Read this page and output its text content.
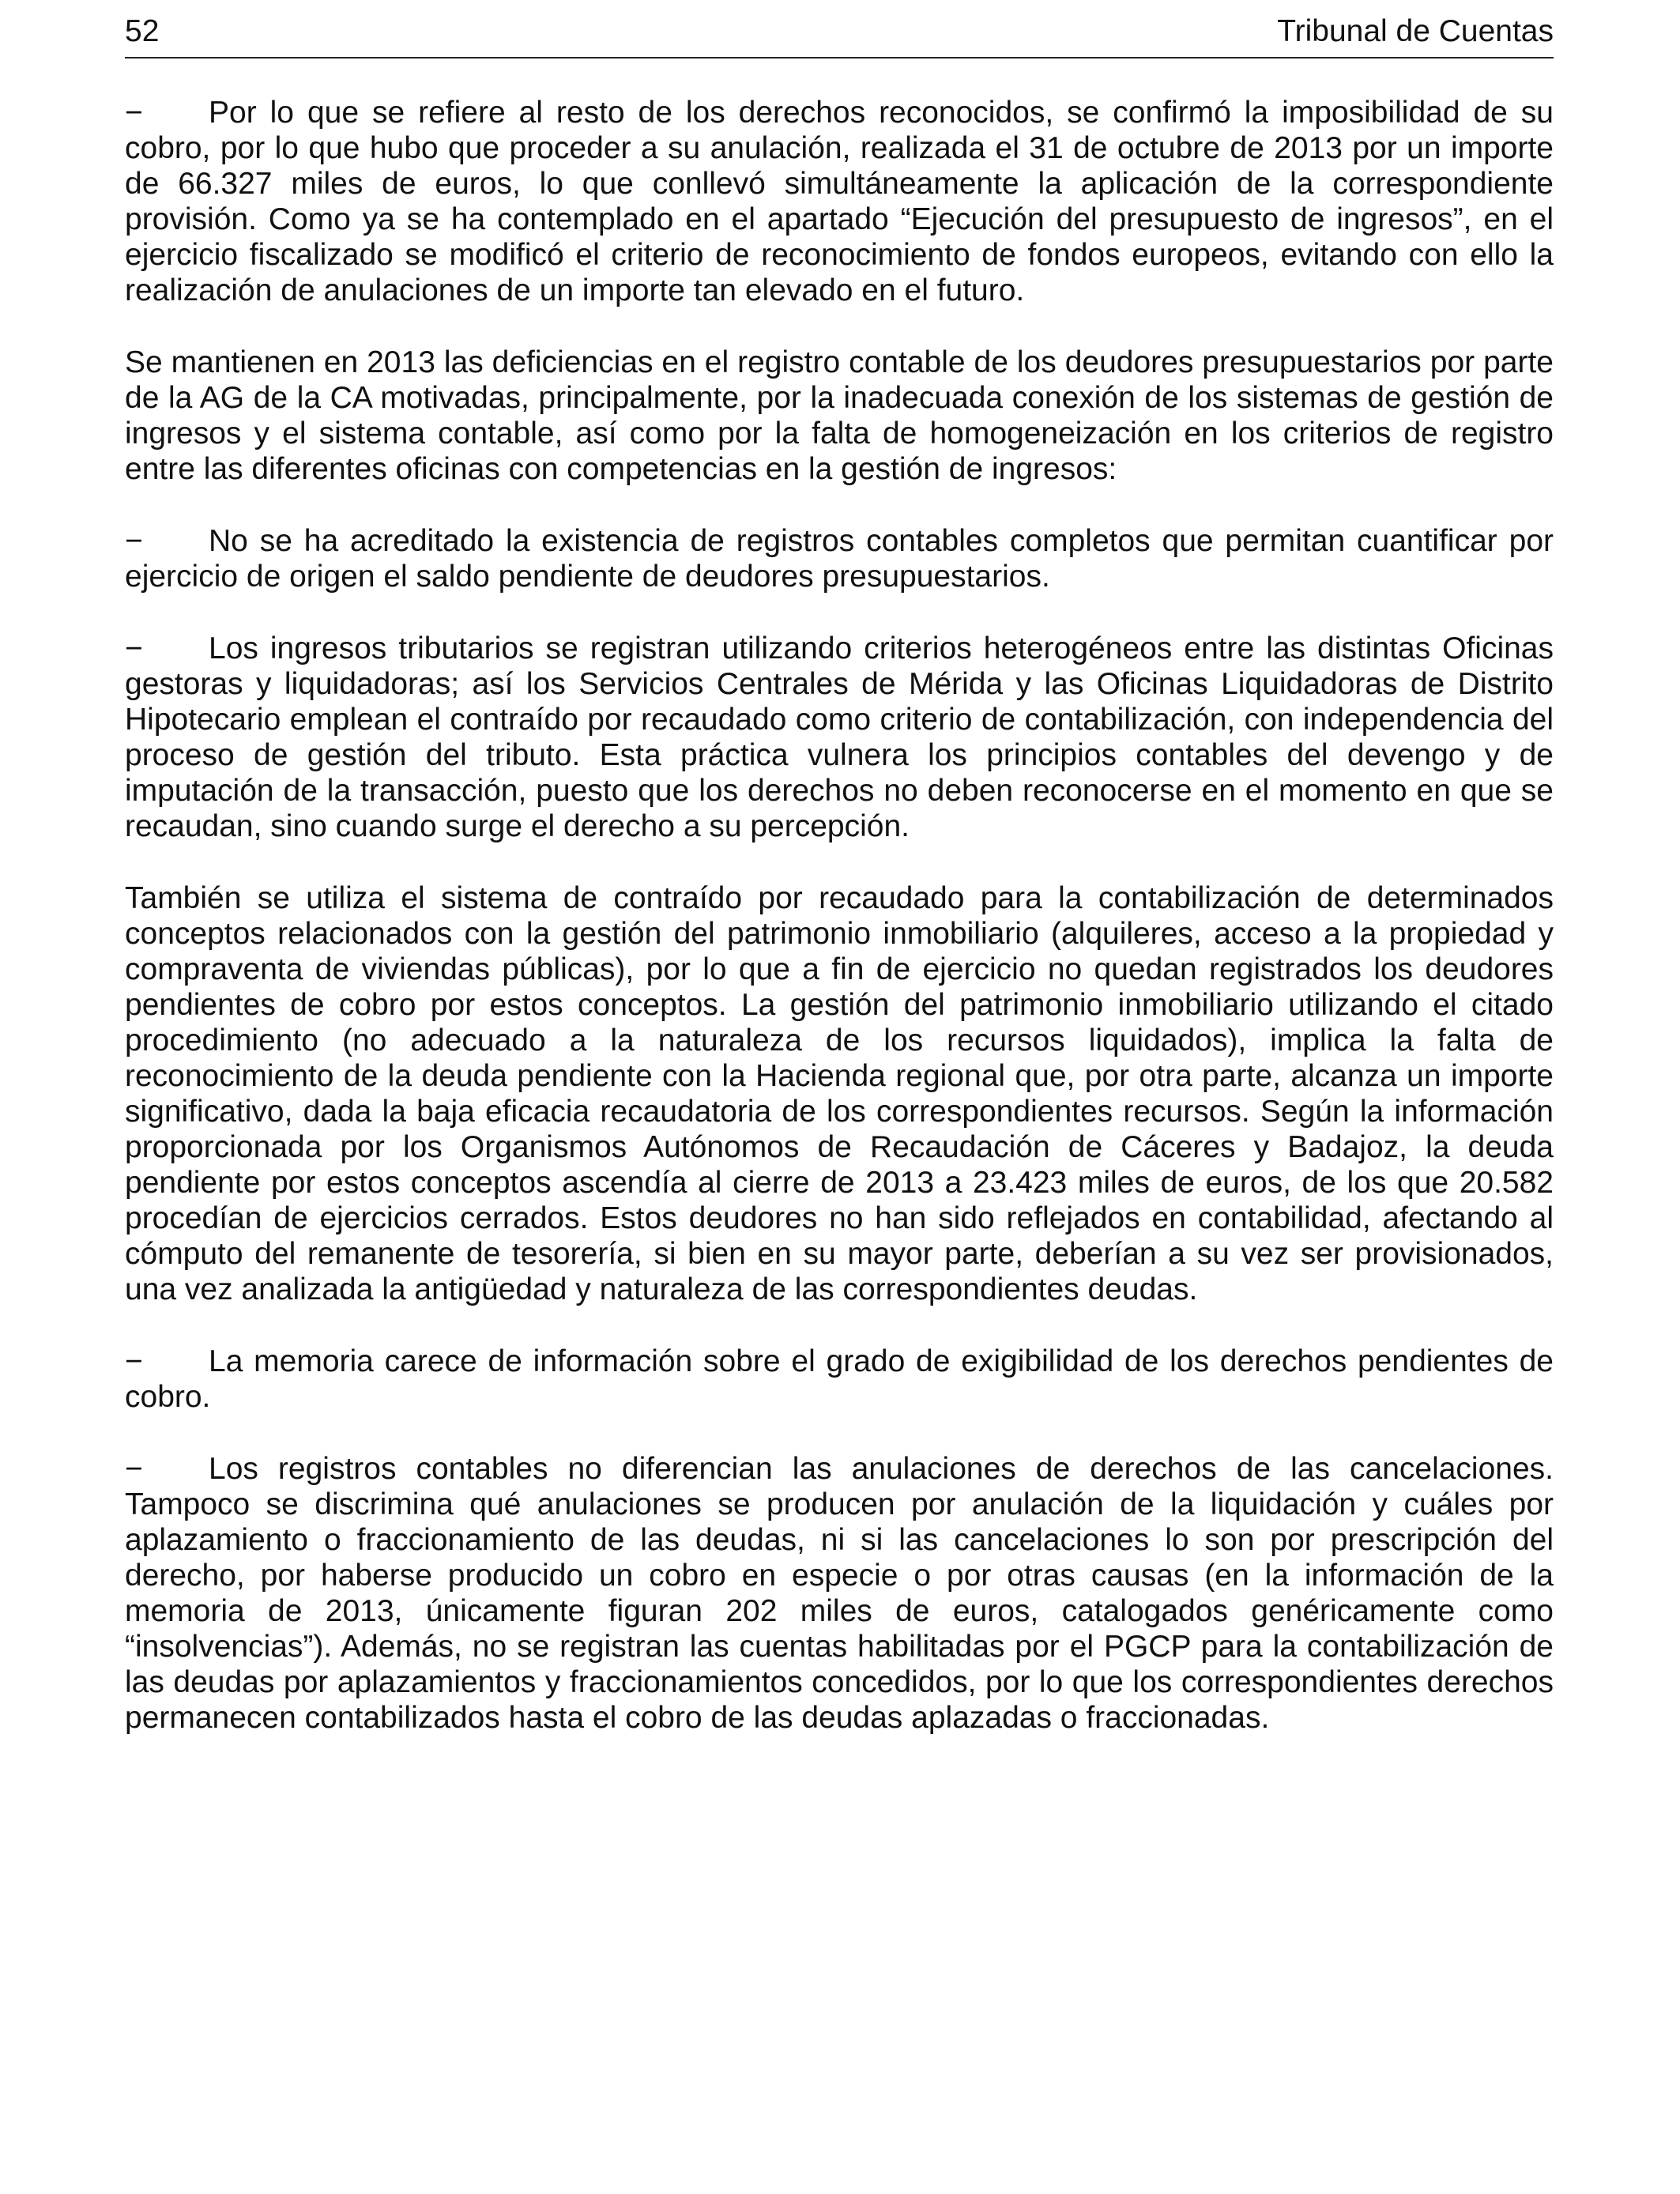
52	Tribunal de Cuentas

− Por lo que se refiere al resto de los derechos reconocidos, se confirmó la imposibilidad de su cobro, por lo que hubo que proceder a su anulación, realizada el 31 de octubre de 2013 por un importe de 66.327 miles de euros, lo que conllevó simultáneamente la aplicación de la correspondiente provisión. Como ya se ha contemplado en el apartado “Ejecución del presupuesto de ingresos”, en el ejercicio fiscalizado se modificó el criterio de reconocimiento de fondos europeos, evitando con ello la realización de anulaciones de un importe tan elevado en el futuro.

Se mantienen en 2013 las deficiencias en el registro contable de los deudores presupuestarios por parte de la AG de la CA motivadas, principalmente, por la inadecuada conexión de los sistemas de gestión de ingresos y el sistema contable, así como por la falta de homogeneización en los criterios de registro entre las diferentes oficinas con competencias en la gestión de ingresos:

− No se ha acreditado la existencia de registros contables completos que permitan cuantificar por ejercicio de origen el saldo pendiente de deudores presupuestarios.

− Los ingresos tributarios se registran utilizando criterios heterogéneos entre las distintas Oficinas gestoras y liquidadoras; así los Servicios Centrales de Mérida y las Oficinas Liquidadoras de Distrito Hipotecario emplean el contraído por recaudado como criterio de contabilización, con independencia del proceso de gestión del tributo. Esta práctica vulnera los principios contables del devengo y de imputación de la transacción, puesto que los derechos no deben reconocerse en el momento en que se recaudan, sino cuando surge el derecho a su percepción.

También se utiliza el sistema de contraído por recaudado para la contabilización de determinados conceptos relacionados con la gestión del patrimonio inmobiliario (alquileres, acceso a la propiedad y compraventa de viviendas públicas), por lo que a fin de ejercicio no quedan registrados los deudores pendientes de cobro por estos conceptos. La gestión del patrimonio inmobiliario utilizando el citado procedimiento (no adecuado a la naturaleza de los recursos liquidados), implica la falta de reconocimiento de la deuda pendiente con la Hacienda regional que, por otra parte, alcanza un importe significativo, dada la baja eficacia recaudatoria de los correspondientes recursos. Según la información proporcionada por los Organismos Autónomos de Recaudación de Cáceres y Badajoz, la deuda pendiente por estos conceptos ascendía al cierre de 2013 a 23.423 miles de euros, de los que 20.582 procedían de ejercicios cerrados. Estos deudores no han sido reflejados en contabilidad, afectando al cómputo del remanente de tesorería, si bien en su mayor parte, deberían a su vez ser provisionados, una vez analizada la antigüedad y naturaleza de las correspondientes deudas.

− La memoria carece de información sobre el grado de exigibilidad de los derechos pendientes de cobro.

− Los registros contables no diferencian las anulaciones de derechos de las cancelaciones. Tampoco se discrimina qué anulaciones se producen por anulación de la liquidación y cuáles por aplazamiento o fraccionamiento de las deudas, ni si las cancelaciones lo son por prescripción del derecho, por haberse producido un cobro en especie o por otras causas (en la información de la memoria de 2013, únicamente figuran 202 miles de euros, catalogados genéricamente como “insolvencias”). Además, no se registran las cuentas habilitadas por el PGCP para la contabilización de las deudas por aplazamientos y fraccionamientos concedidos, por lo que los correspondientes derechos permanecen contabilizados hasta el cobro de las deudas aplazadas o fraccionadas.
